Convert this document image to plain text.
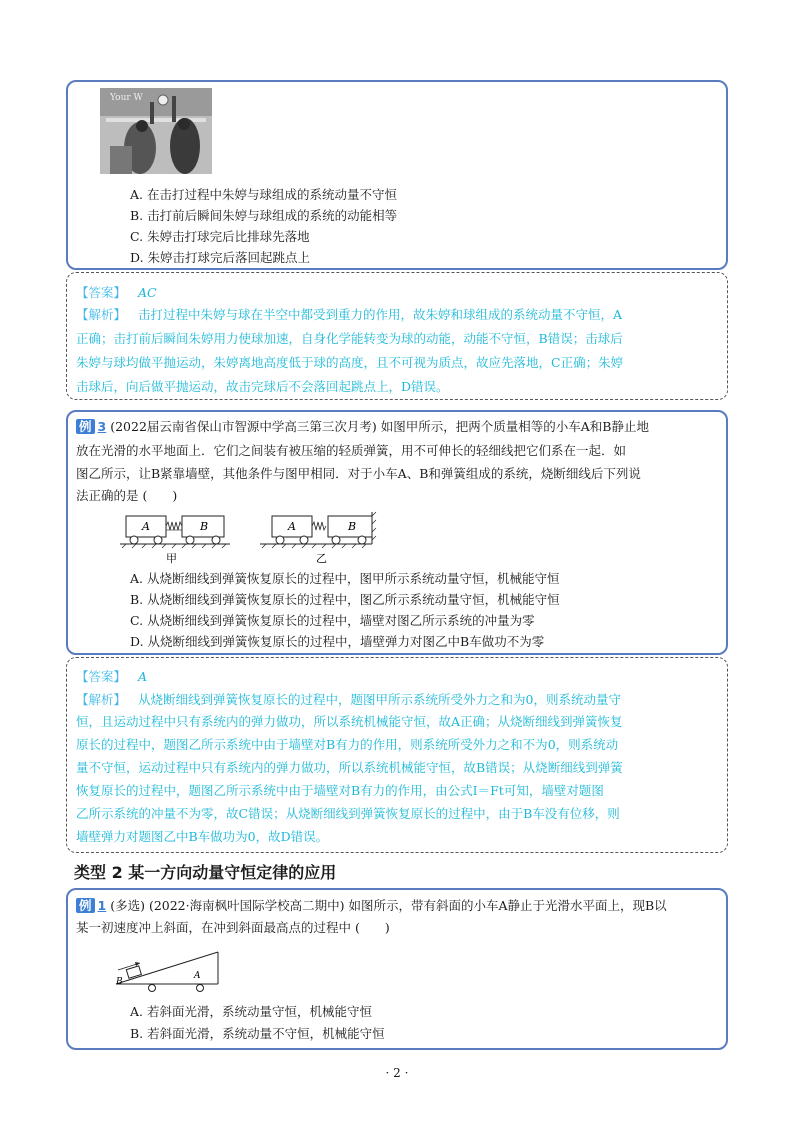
Your W
A. 在击打过程中朱婷与球组成的系统动量不守恒
B. 击打前后瞬间朱婷与球组成的系统的动能相等
C. 朱婷击打球完后比排球先落地
D. 朱婷击打球完后落回起跳点上
【答案】 AC
【解析】 击打过程中朱婷与球在半空中都受到重力的作用，故朱婷和球组成的系统动量不守恒，A
正确；击打前后瞬间朱婷用力使球加速，自身化学能转变为球的动能，动能不守恒，B错误；击球后
朱婷与球均做平抛运动，朱婷离地高度低于球的高度，且不可视为质点，故应先落地，C正确；朱婷
击球后，向后做平抛运动，故击完球后不会落回起跳点上，D错误。
例 3 (2022届云南省保山市智源中学高三第三次月考) 如图甲所示，把两个质量相等的小车A和B静止地
放在光滑的水平地面上．它们之间装有被压缩的轻质弹簧，用不可伸长的轻细线把它们系在一起．如
图乙所示，让B紧靠墙壁，其他条件与图甲相同．对于小车A、B和弹簧组成的系统，烧断细线后下列说
法正确的是 (　　)
A	B
甲
A	B
乙
A. 从烧断细线到弹簧恢复原长的过程中，图甲所示系统动量守恒，机械能守恒
B. 从烧断细线到弹簧恢复原长的过程中，图乙所示系统动量守恒，机械能守恒
C. 从烧断细线到弹簧恢复原长的过程中，墙壁对图乙所示系统的冲量为零
D. 从烧断细线到弹簧恢复原长的过程中，墙壁弹力对图乙中B车做功不为零
【答案】 A
【解析】 从烧断细线到弹簧恢复原长的过程中，题图甲所示系统所受外力之和为0，则系统动量守
恒，且运动过程中只有系统内的弹力做功，所以系统机械能守恒，故A正确；从烧断细线到弹簧恢复
原长的过程中，题图乙所示系统中由于墙壁对B有力的作用，则系统所受外力之和不为0，则系统动
量不守恒，运动过程中只有系统内的弹力做功，所以系统机械能守恒，故B错误；从烧断细线到弹簧
恢复原长的过程中，题图乙所示系统中由于墙壁对B有力的作用，由公式I＝Ft可知，墙壁对题图
乙所示系统的冲量不为零，故C错误；从烧断细线到弹簧恢复原长的过程中，由于B车没有位移，则
墙壁弹力对题图乙中B车做功为0，故D错误。
类型 2 某一方向动量守恒定律的应用
例 1 (多选) (2022·海南枫叶国际学校高二期中) 如图所示，带有斜面的小车A静止于光滑水平面上，现B以
某一初速度冲上斜面，在冲到斜面最高点的过程中 (　　)
B
A
A. 若斜面光滑，系统动量守恒，机械能守恒
B. 若斜面光滑，系统动量不守恒，机械能守恒
· 2 ·
